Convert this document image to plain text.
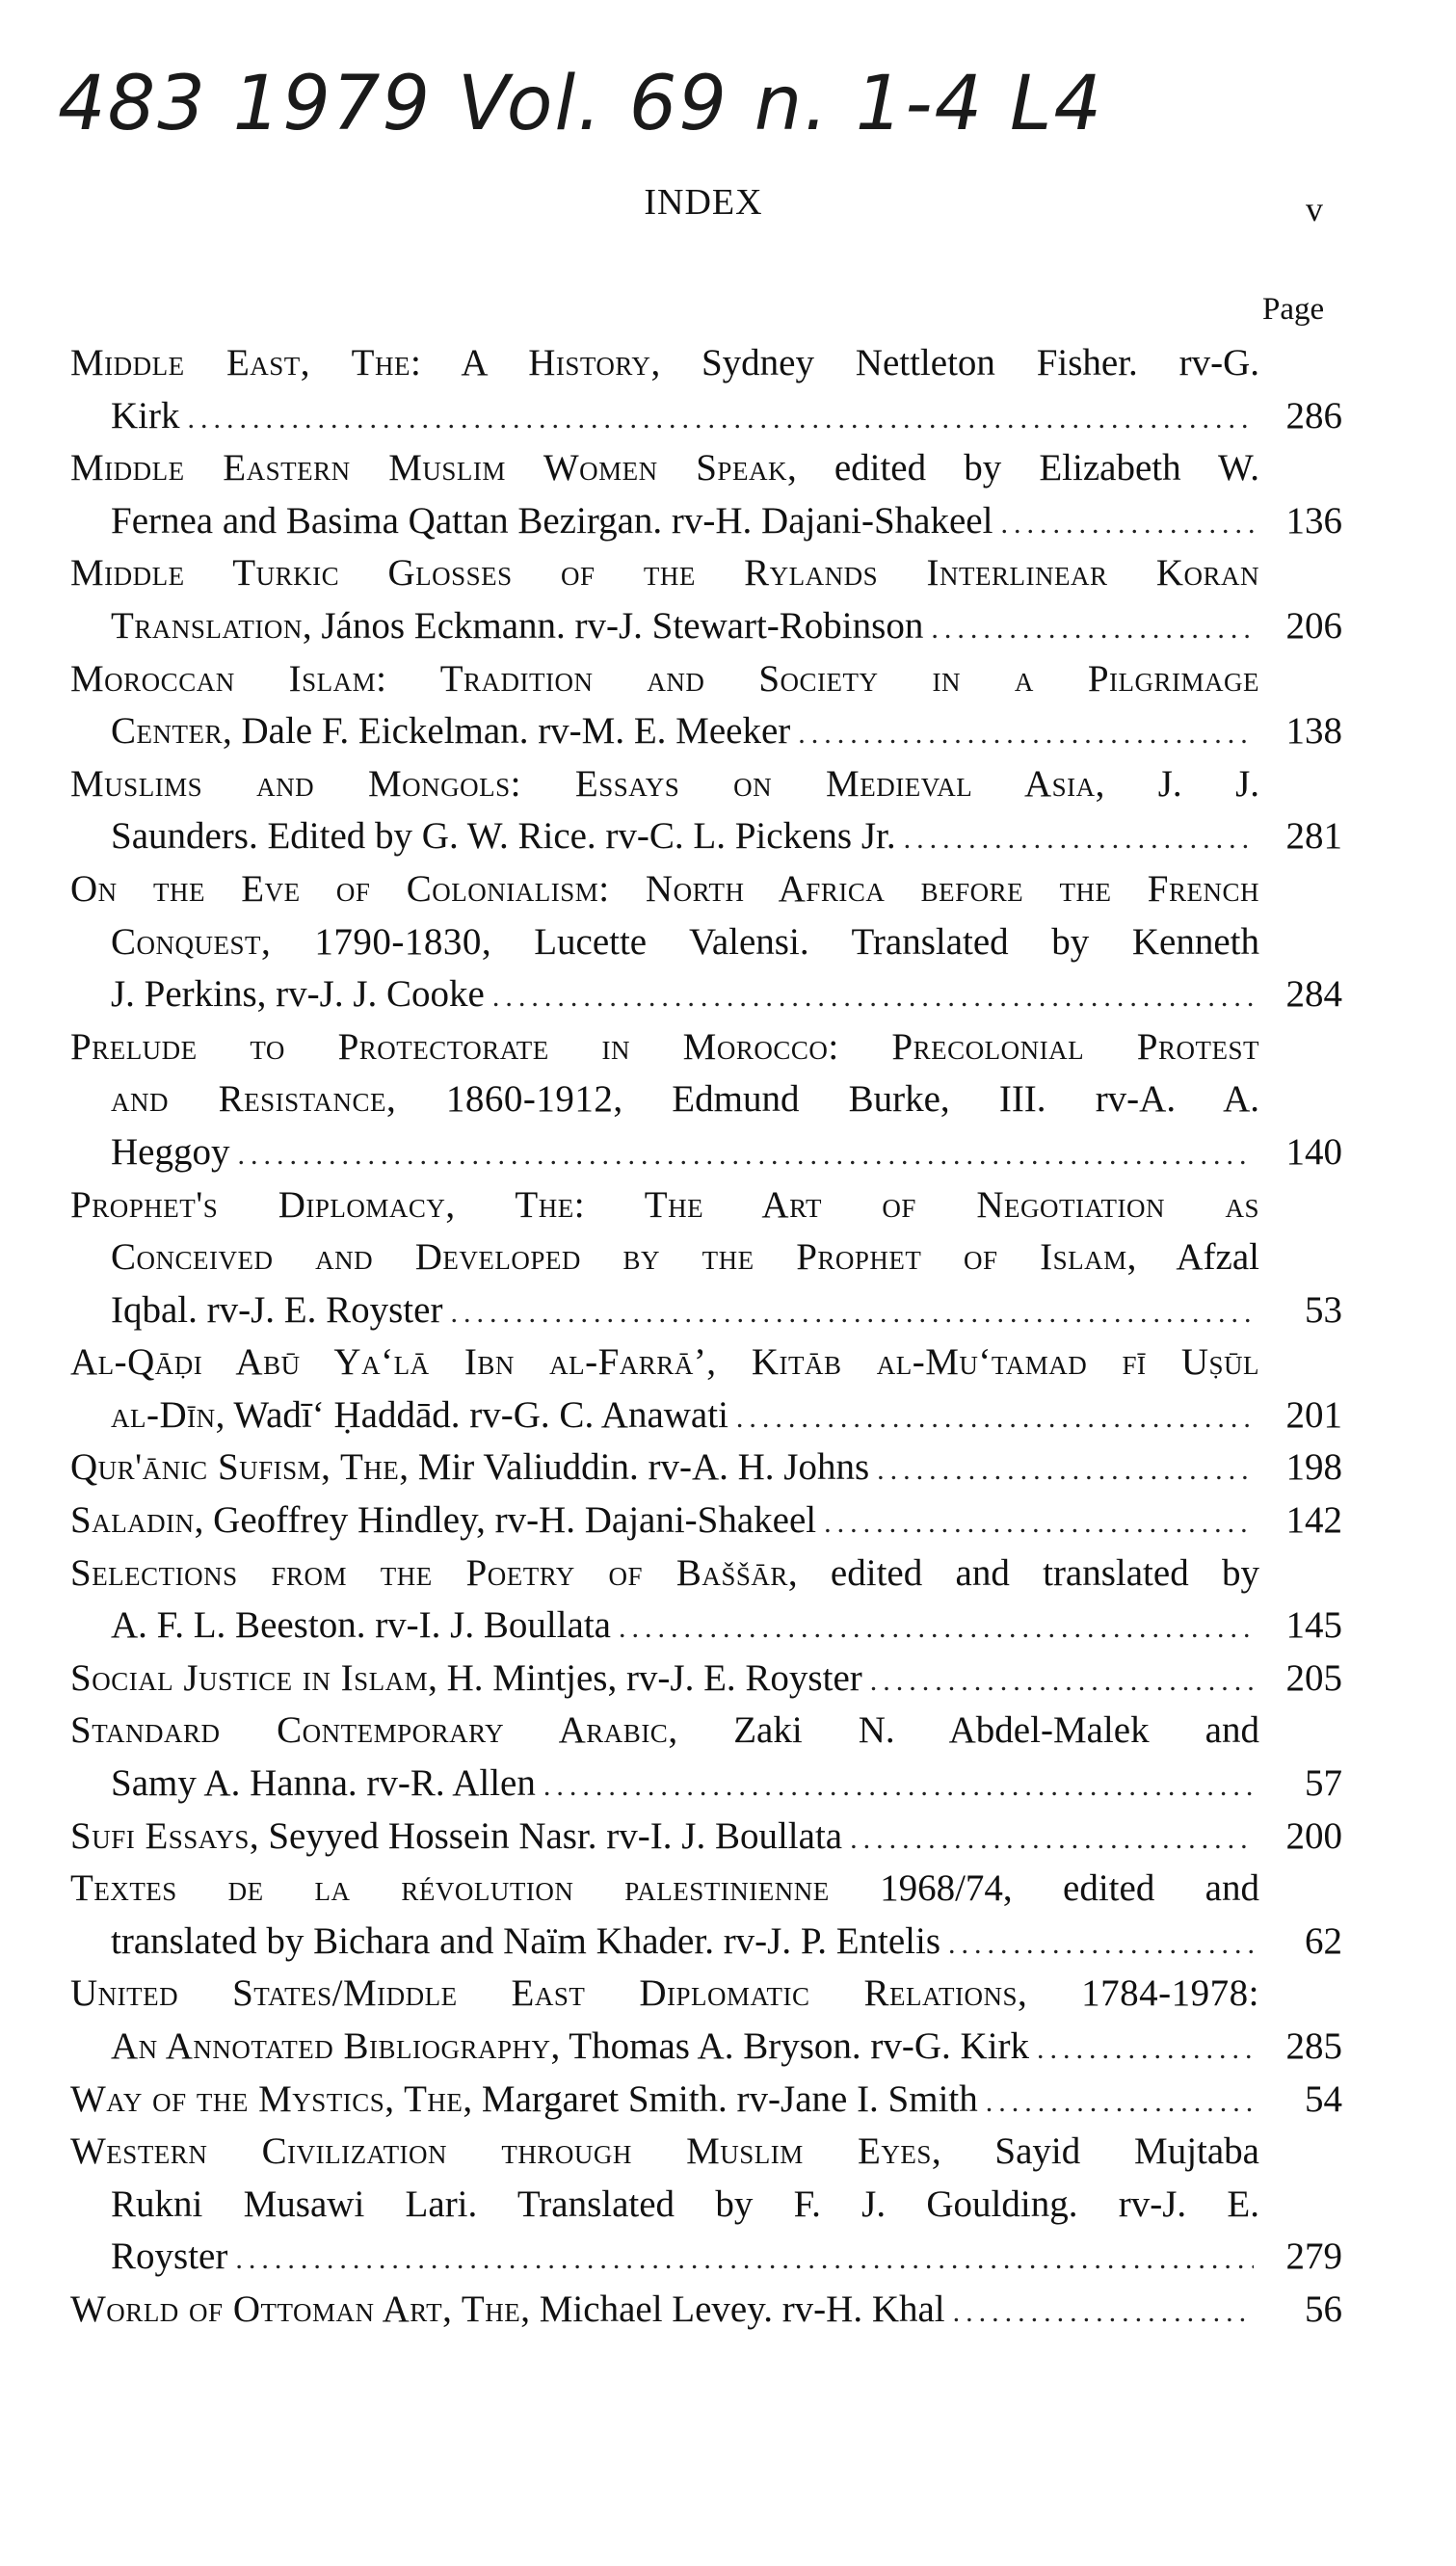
483 1979 Vol. 69 n. 1-4 L4
INDEX	v
Page
Middle East, The: A History, Sydney Nettleton Fisher. rv-G.
Kirk .....	286
Middle Eastern Muslim Women Speak, edited by Elizabeth W.
Fernea and Basima Qattan Bezirgan. rv-H. Dajani-Shakeel .....	136
Middle Turkic Glosses of the Rylands Interlinear Koran
Translation, János Eckmann. rv-J. Stewart-Robinson .....	206
Moroccan Islam: Tradition and Society in a Pilgrimage
Center, Dale F. Eickelman. rv-M. E. Meeker .....	138
Muslims and Mongols: Essays on Medieval Asia, J. J.
Saunders. Edited by G. W. Rice. rv-C. L. Pickens Jr. .....	281
On the Eve of Colonialism: North Africa before the French
Conquest, 1790-1830, Lucette Valensi. Translated by Kenneth
J. Perkins, rv-J. J. Cooke .....	284
Prelude to Protectorate in Morocco: Precolonial Protest
and Resistance, 1860-1912, Edmund Burke, III. rv-A. A.
Heggoy .....	140
Prophet's Diplomacy, The: The Art of Negotiation as
Conceived and Developed by the Prophet of Islam, Afzal
Iqbal. rv-J. E. Royster .....	53
Al-Qāḍi Abū Ya‘lā Ibn al-Farrā’, Kitāb al-Mu‘tamad fī Uṣūl
al-Dīn, Wadī‘ Ḥaddād. rv-G. C. Anawati .....	201
Qur'ānic Sufism, The, Mir Valiuddin. rv-A. H. Johns .....	198
Saladin, Geoffrey Hindley, rv-H. Dajani-Shakeel .....	142
Selections from the Poetry of Baššār, edited and translated by
A. F. L. Beeston. rv-I. J. Boullata .....	145
Social Justice in Islam, H. Mintjes, rv-J. E. Royster .....	205
Standard Contemporary Arabic, Zaki N. Abdel-Malek and
Samy A. Hanna. rv-R. Allen .....	57
Sufi Essays, Seyyed Hossein Nasr. rv-I. J. Boullata .....	200
Textes de la révolution palestinienne 1968/74, edited and
translated by Bichara and Naïm Khader. rv-J. P. Entelis .....	62
United States/Middle East Diplomatic Relations, 1784-1978:
An Annotated Bibliography, Thomas A. Bryson. rv-G. Kirk .....	285
Way of the Mystics, The, Margaret Smith. rv-Jane I. Smith .....	54
Western Civilization through Muslim Eyes, Sayid Mujtaba
Rukni Musawi Lari. Translated by F. J. Goulding. rv-J. E.
Royster .....	279
World of Ottoman Art, The, Michael Levey. rv-H. Khal .....	56
